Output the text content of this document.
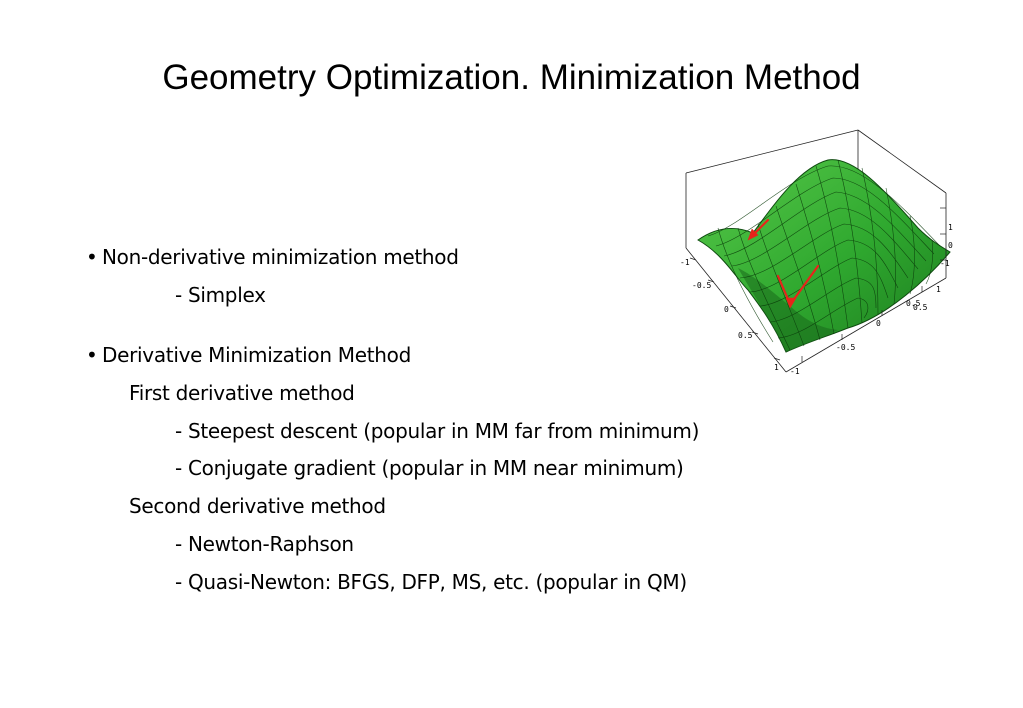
Geometry Optimization. Minimization Method
• Non-derivative minimization method
- Simplex
• Derivative Minimization Method
First derivative method
- Steepest descent (popular in MM far from minimum)
- Conjugate gradient (popular in MM near minimum)
Second derivative method
- Newton-Raphson
- Quasi-Newton: BFGS, DFP, MS, etc. (popular in QM)
-1
-0.5
0
0.5
1 -1
-0.5
0
0.5
1
0
-1
0.5
1
